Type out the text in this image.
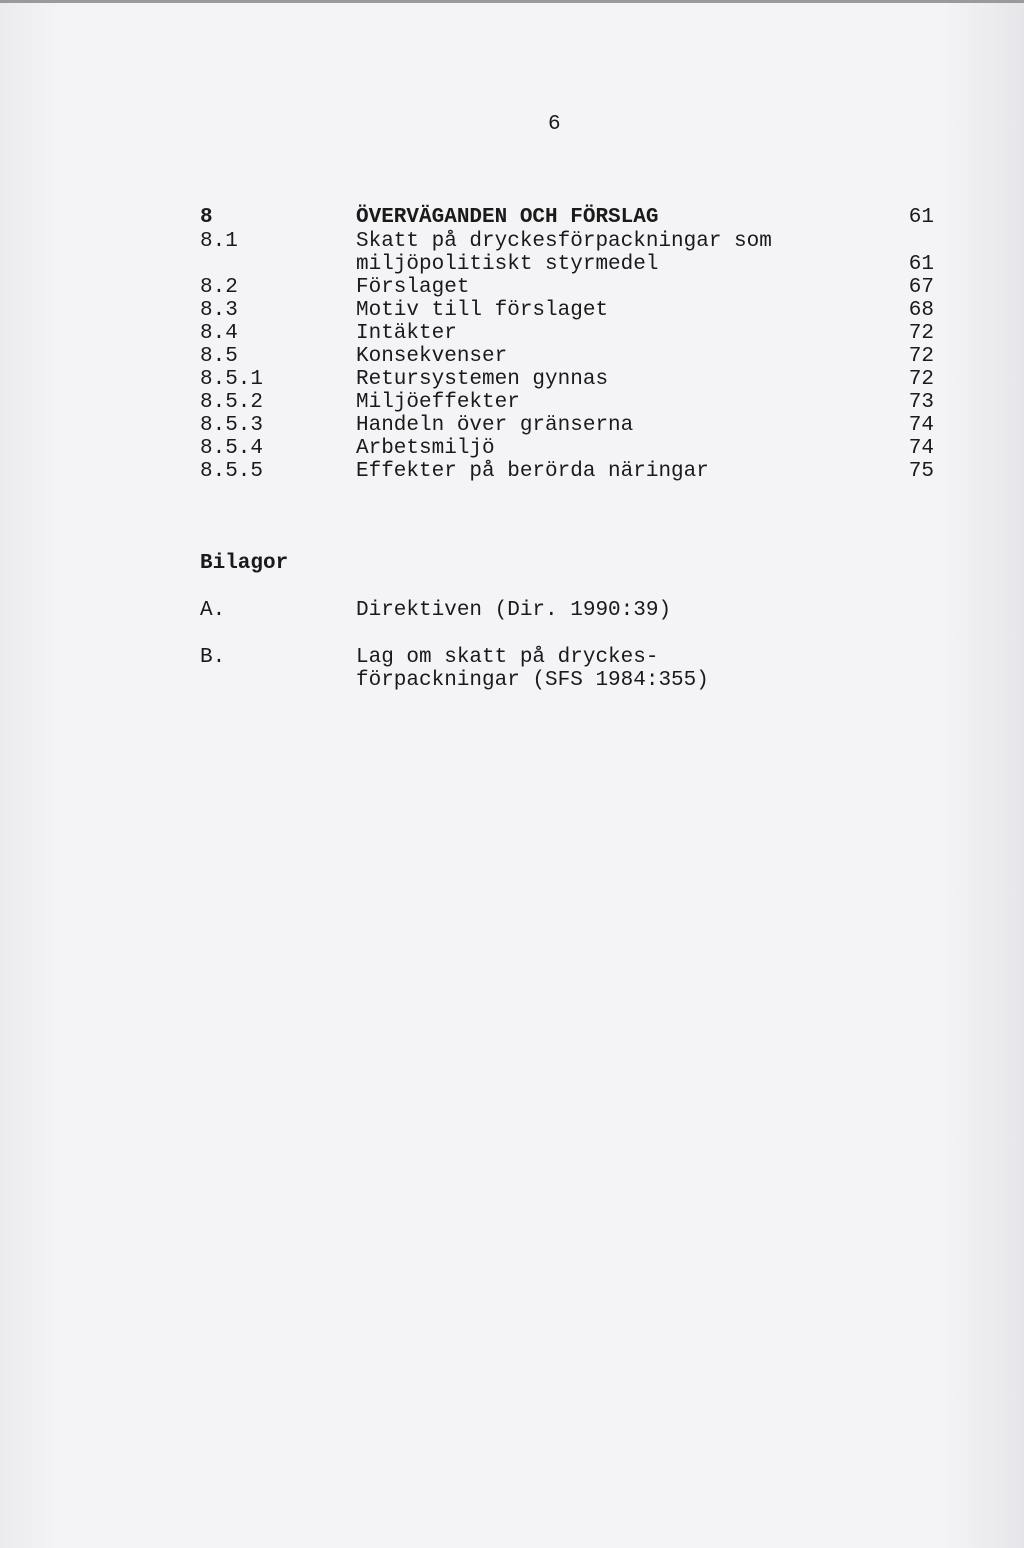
6
8	ÖVERVÄGANDEN OCH FÖRSLAG	61
8.1	Skatt på dryckesförpackningar som
miljöpolitiskt styrmedel	61
8.2	Förslaget	67
8.3	Motiv till förslaget	68
8.4	Intäkter	72
8.5	Konsekvenser	72
8.5.1	Retursystemen gynnas	72
8.5.2	Miljöeffekter	73
8.5.3	Handeln över gränserna	74
8.5.4	Arbetsmiljö	74
8.5.5	Effekter på berörda näringar	75
Bilagor
A.	Direktiven (Dir. 1990:39)
B.	Lag om skatt på dryckes-
förpackningar (SFS 1984:355)
